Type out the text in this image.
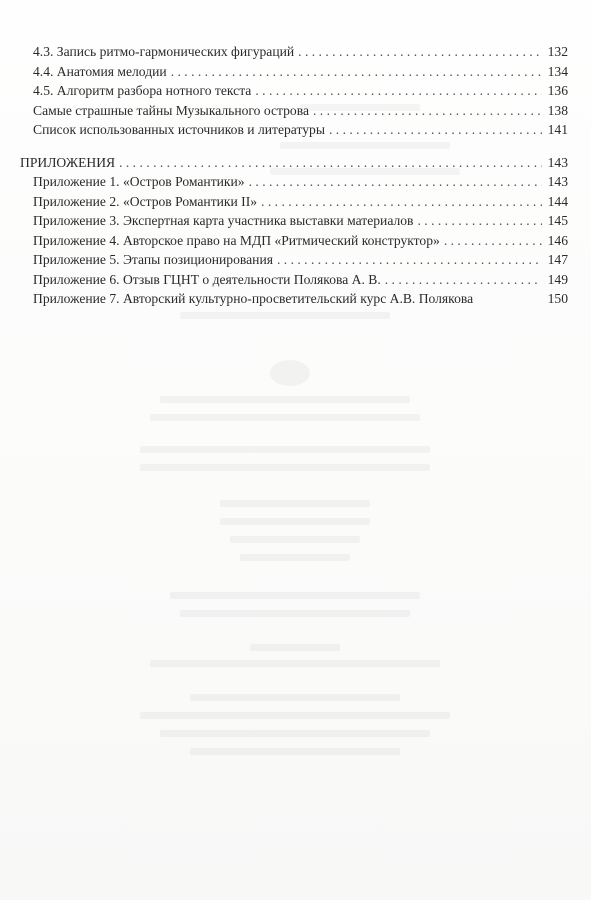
4.3. Запись ритмо-гармонических фигураций . . .	132
4.4. Анатомия мелодии . . .	134
4.5. Алгоритм разбора нотного текста . . .	136
Самые страшные тайны Музыкального острова . . .	138
Список использованных источников и литературы . . .	141
ПРИЛОЖЕНИЯ . . .	143
Приложение 1. «Остров Романтики» . . .	143
Приложение 2. «Остров Романтики II» . . .	144
Приложение 3. Экспертная карта участника выставки материалов . . .	145
Приложение 4. Авторское право на МДП «Ритмический конструктор» . . .	146
Приложение 5. Этапы позиционирования . . .	147
Приложение 6. Отзыв ГЦНТ о деятельности Полякова А. В. . . .	149
Приложение 7. Авторский культурно-просветительский курс А.В. Полякова	150
